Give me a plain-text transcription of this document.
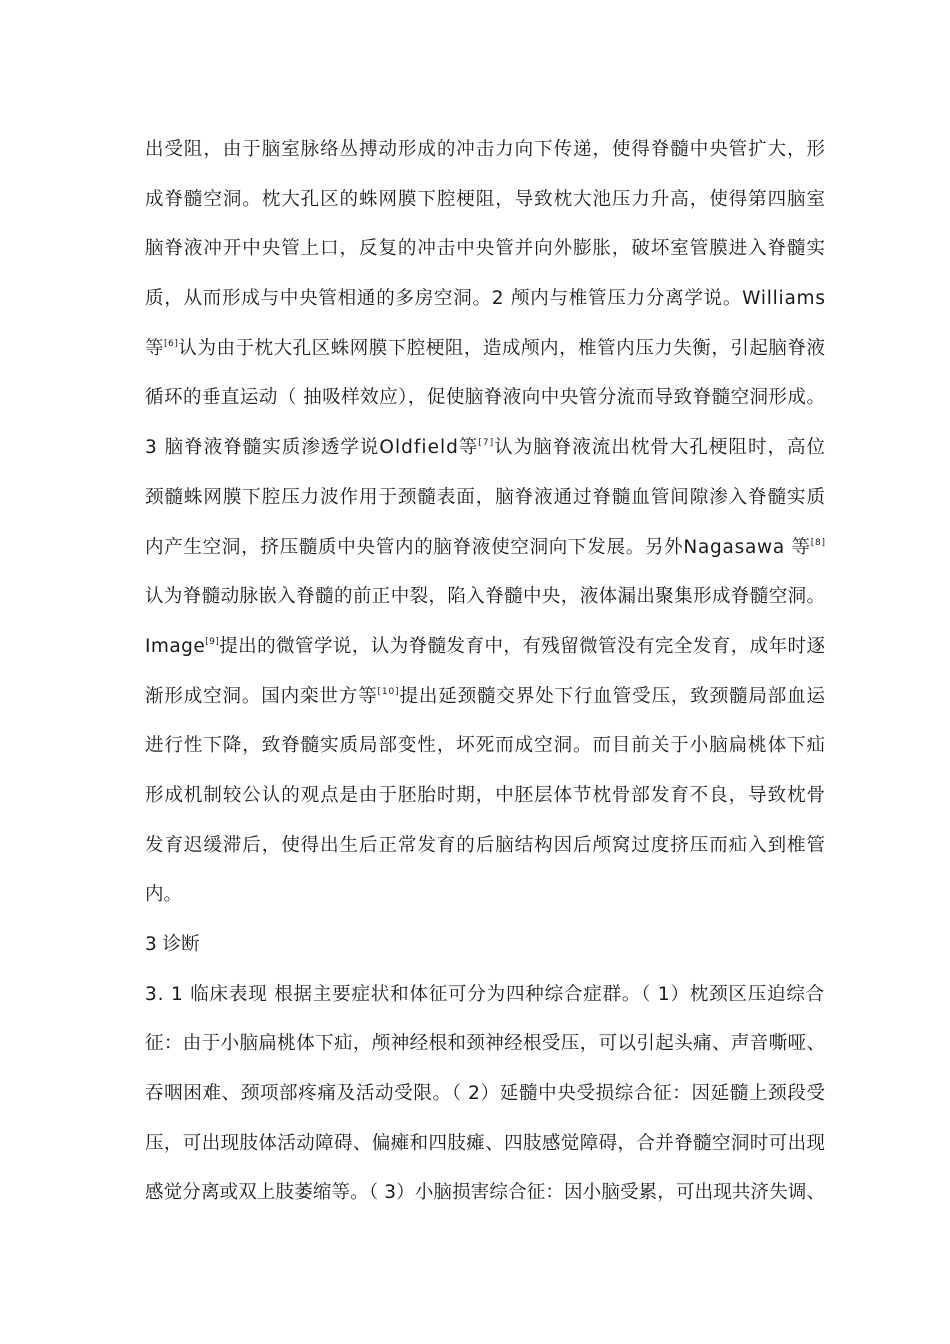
出受阻，由于脑室脉络丛搏动形成的冲击力向下传递，使得脊髓中央管扩大，形
成脊髓空洞。枕大孔区的蛛网膜下腔梗阻，导致枕大池压力升高，使得第四脑室
脑脊液冲开中央管上口，反复的冲击中央管并向外膨胀，破坏室管膜进入脊髓实
质，从而形成与中央管相通的多房空洞。2 颅内与椎管压力分离学说。Williams
等[6]认为由于枕大孔区蛛网膜下腔梗阻，造成颅内，椎管内压力失衡，引起脑脊液
循环的垂直运动（ 抽吸样效应），促使脑脊液向中央管分流而导致脊髓空洞形成。
3 脑脊液脊髓实质渗透学说Oldfield等[7]认为脑脊液流出枕骨大孔梗阻时，高位
颈髓蛛网膜下腔压力波作用于颈髓表面，脑脊液通过脊髓血管间隙渗入脊髓实质
内产生空洞，挤压髓质中央管内的脑脊液使空洞向下发展。另外Nagasawa 等[8]
认为脊髓动脉嵌入脊髓的前正中裂，陷入脊髓中央，液体漏出聚集形成脊髓空洞。
Image[9]提出的微管学说，认为脊髓发育中，有残留微管没有完全发育，成年时逐
渐形成空洞。国内栾世方等[10]提出延颈髓交界处下行血管受压，致颈髓局部血运
进行性下降，致脊髓实质局部变性，坏死而成空洞。而目前关于小脑扁桃体下疝
形成机制较公认的观点是由于胚胎时期，中胚层体节枕骨部发育不良，导致枕骨
发育迟缓滞后，使得出生后正常发育的后脑结构因后颅窝过度挤压而疝入到椎管
内。
3 诊断
3. 1 临床表现 根据主要症状和体征可分为四种综合症群。（ 1）枕颈区压迫综合
征：由于小脑扁桃体下疝，颅神经根和颈神经根受压，可以引起头痛、声音嘶哑、
吞咽困难、颈项部疼痛及活动受限。（ 2）延髓中央受损综合征：因延髓上颈段受
压，可出现肢体活动障碍、偏瘫和四肢瘫、四肢感觉障碍，合并脊髓空洞时可出现
感觉分离或双上肢萎缩等。（ 3）小脑损害综合征：因小脑受累，可出现共济失调、
